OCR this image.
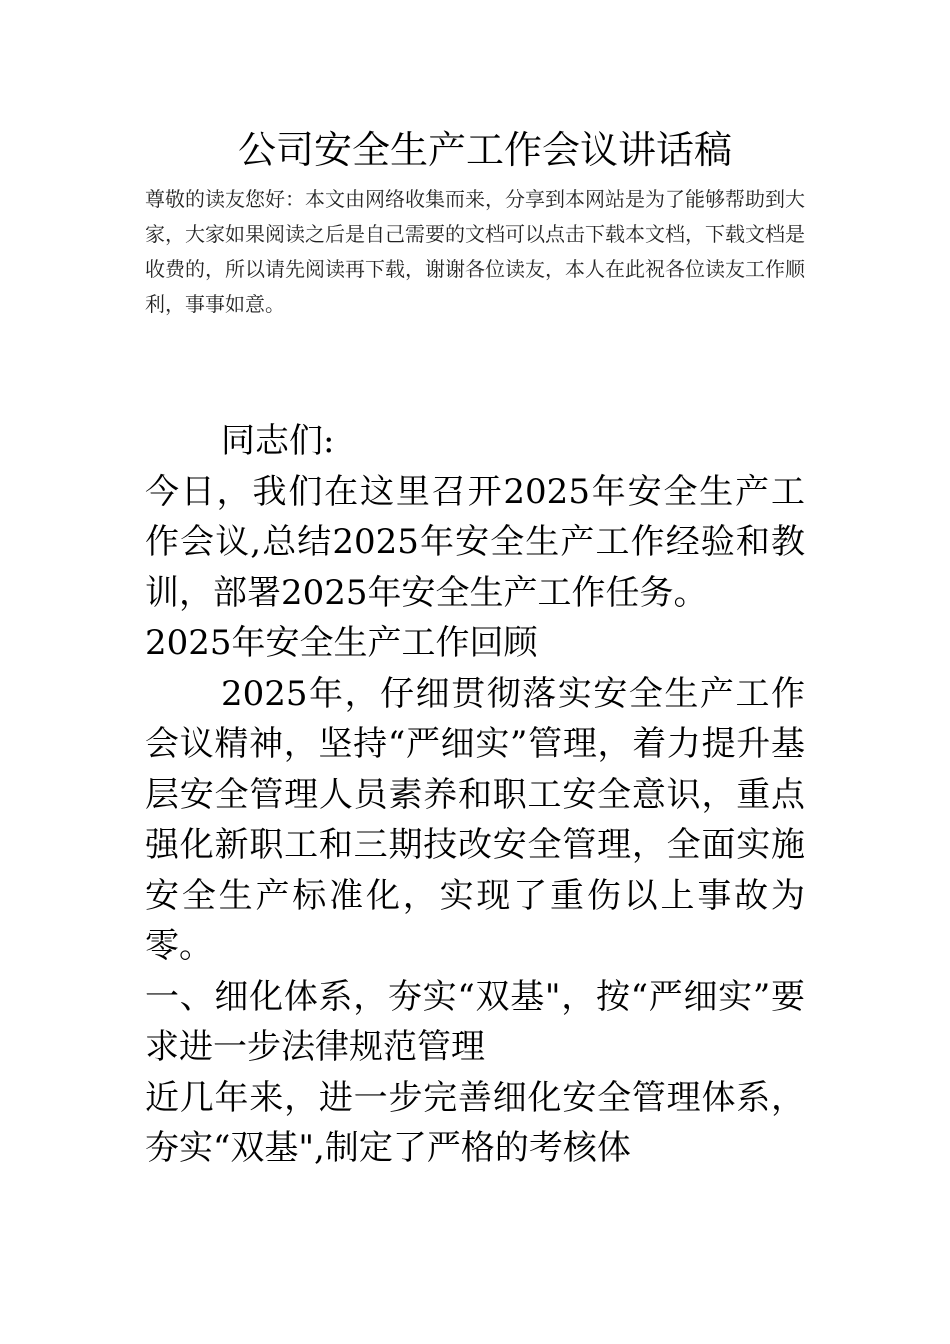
公司安全生产工作会议讲话稿
尊敬的读友您好：本文由网络收集而来，分享到本网站是为了能够帮助到大家，大家如果阅读之后是自己需要的文档可以点击下载本文档，下载文档是收费的，所以请先阅读再下载，谢谢各位读友，本人在此祝各位读友工作顺利，事事如意。

同志们:

今日，我们在这里召开2025年安全生产工作会议,总结2025年安全生产工作经验和教训，部署2025年安全生产工作任务。

2025年安全生产工作回顾

2025年，仔细贯彻落实安全生产工作会议精神，坚持“严细实”管理，着力提升基层安全管理人员素养和职工安全意识，重点强化新职工和三期技改安全管理，全面实施安全生产标准化，实现了重伤以上事故为零。

一、细化体系，夯实“双基"，按“严细实”要求进一步法律规范管理

近几年来，进一步完善细化安全管理体系，夯实“双基",制定了严格的考核体
